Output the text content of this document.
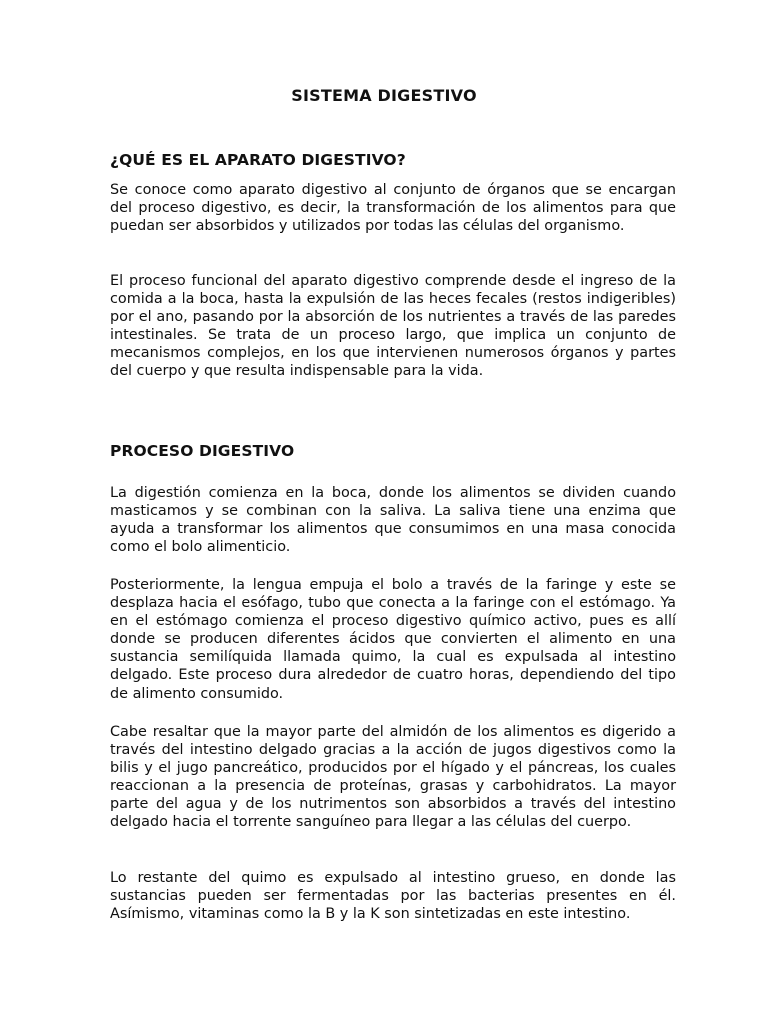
SISTEMA DIGESTIVO
¿QUÉ ES EL APARATO DIGESTIVO?

Se conoce como aparato digestivo al conjunto de órganos que se encargan del proceso digestivo, es decir, la transformación de los alimentos para que puedan ser absorbidos y utilizados por todas las células del organismo.

El proceso funcional del aparato digestivo comprende desde el ingreso de la comida a la boca, hasta la expulsión de las heces fecales (restos indigeribles) por el ano, pasando por la absorción de los nutrientes a través de las paredes intestinales. Se trata de un proceso largo, que implica un conjunto de mecanismos complejos, en los que intervienen numerosos órganos y partes del cuerpo y que resulta indispensable para la vida.

PROCESO DIGESTIVO

La digestión comienza en la boca, donde los alimentos se dividen cuando masticamos y se combinan con la saliva. La saliva tiene una enzima que ayuda a transformar los alimentos que consumimos en una masa conocida como el bolo alimenticio.

Posteriormente, la lengua empuja el bolo a través de la faringe y este se desplaza hacia el esófago, tubo que conecta a la faringe con el estómago. Ya en el estómago comienza el proceso digestivo químico activo, pues es allí donde se producen diferentes ácidos que convierten el alimento en una sustancia semilíquida llamada quimo, la cual es expulsada al intestino delgado. Este proceso dura alrededor de cuatro horas, dependiendo del tipo de alimento consumido.

Cabe resaltar que la mayor parte del almidón de los alimentos es digerido a través del intestino delgado gracias a la acción de jugos digestivos como la bilis y el jugo pancreático, producidos por el hígado y el páncreas, los cuales reaccionan a la presencia de proteínas, grasas y carbohidratos. La mayor parte del agua y de los nutrimentos son absorbidos a través del intestino delgado hacia el torrente sanguíneo para llegar a las células del cuerpo.

Lo restante del quimo es expulsado al intestino grueso, en donde las sustancias pueden ser fermentadas por las bacterias presentes en él. Asímismo, vitaminas como la B y la K son sintetizadas en este intestino.
